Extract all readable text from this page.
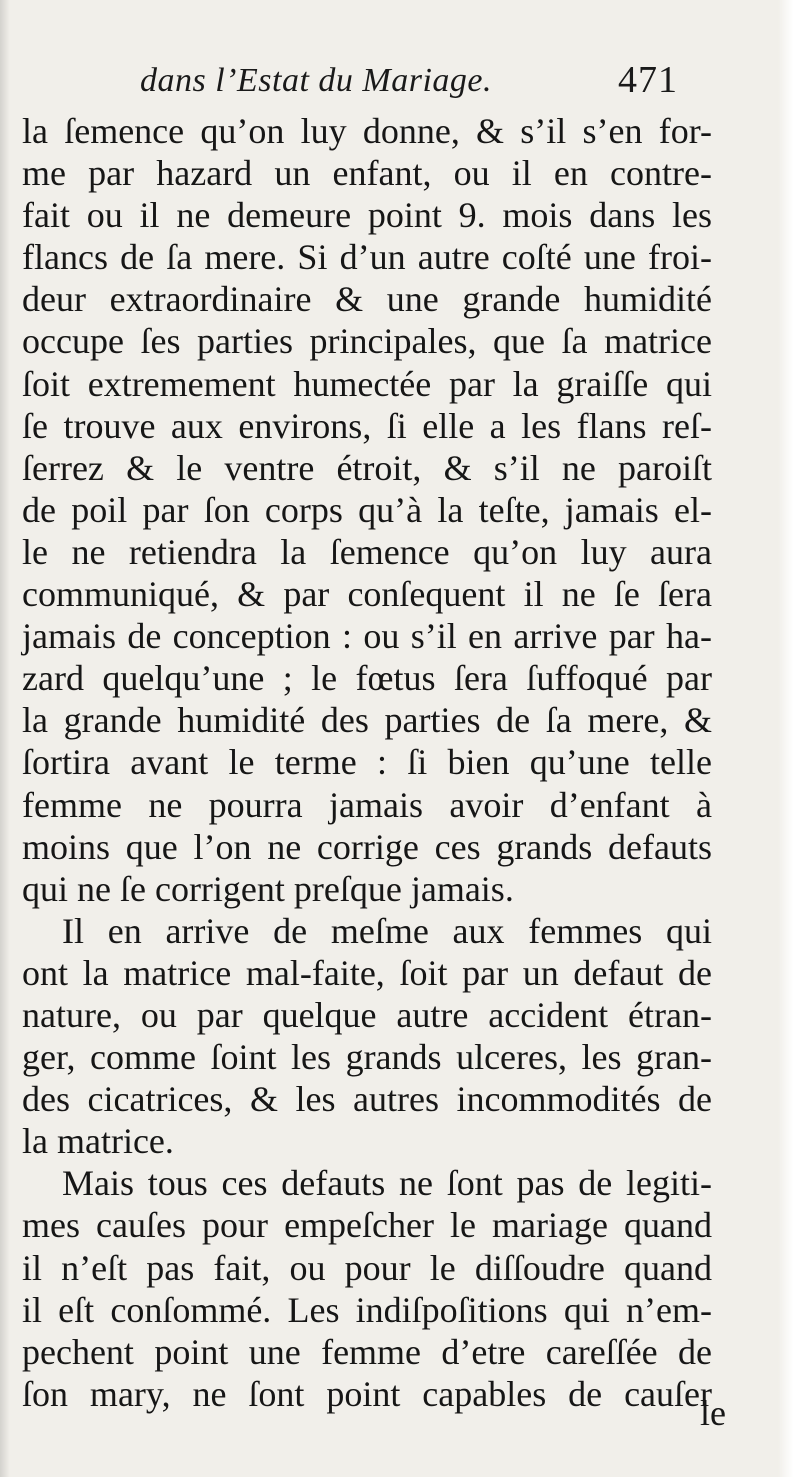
dans l’Estat du Mariage.	471
la ſemence qu’on luy donne, & s’il s’en for-
me par hazard un enfant, ou il en contre-
fait ou il ne demeure point 9. mois dans les
flancs de ſa mere. Si d’un autre coſté une froi-
deur extraordinaire & une grande humidité
occupe ſes parties principales, que ſa matrice
ſoit extremement humectée par la graiſſe qui
ſe trouve aux environs, ſi elle a les flans reſ-
ſerrez & le ventre étroit, & s’il ne paroiſt
de poil par ſon corps qu’à la teſte, jamais el-
le ne retiendra la ſemence qu’on luy aura
communiqué, & par conſequent il ne ſe ſera
jamais de conception : ou s’il en arrive par ha-
zard quelqu’une ; le fœtus ſera ſuffoqué par
la grande humidité des parties de ſa mere, &
ſortira avant le terme : ſi bien qu’une telle
femme ne pourra jamais avoir d’enfant à
moins que l’on ne corrige ces grands defauts
qui ne ſe corrigent preſque jamais.
Il en arrive de meſme aux femmes qui
ont la matrice mal-faite, ſoit par un defaut de
nature, ou par quelque autre accident étran-
ger, comme ſoint les grands ulceres, les gran-
des cicatrices, & les autres incommodités de
la matrice.
Mais tous ces defauts ne ſont pas de legiti-
mes cauſes pour empeſcher le mariage quand
il n’eſt pas fait, ou pour le diſſoudre quand
il eſt conſommé. Les indiſpoſitions qui n’em-
pechent point une femme d’etre careſſée de
ſon mary, ne ſont point capables de cauſer
le
